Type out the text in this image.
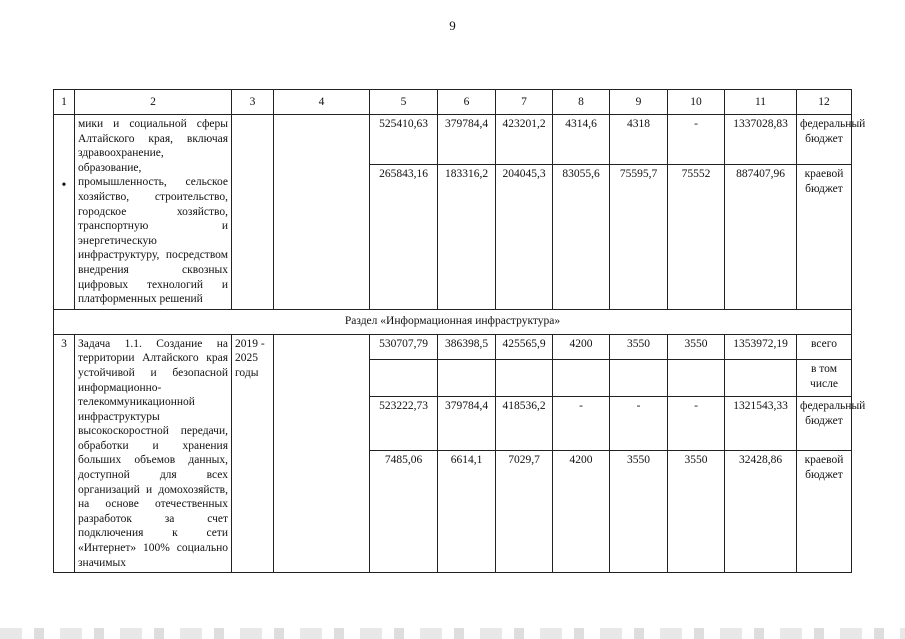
9
1	2	3	4	5	6	7	8	9	10	11	12
•	мики и социальной сферы Алтайского края, включая здравоохранение, образование, промышленность, сельское хозяйство, строительство, городское хозяйство, транспортную и энергетическую инфраструктуру, посредством внедрения сквозных цифровых технологий и платформенных решений			525410,63	379784,4	423201,2	4314,6	4318	-	1337028,83	федеральный бюджет
				265843,16	183316,2	204045,3	83055,6	75595,7	75552	887407,96	краевой бюджет
Раздел «Информационная инфраструктура»											
3	Задача 1.1. Создание на территории Алтайского края устойчивой и безопасной информационно-телекоммуникационной инфраструктуры высокоскоростной передачи, обработки и хранения больших объемов данных, доступной для всех организаций и домохозяйств, на основе отечественных разработок за счет подключения к сети «Интернет» 100% социально значимых	2019 - 2025 годы		530707,79	386398,5	425565,9	4200	3550	3550	1353972,19	всего
											в том числе
				523222,73	379784,4	418536,2	-	-	-	1321543,33	федеральный бюджет
				7485,06	6614,1	7029,7	4200	3550	3550	32428,86	краевой бюджет
